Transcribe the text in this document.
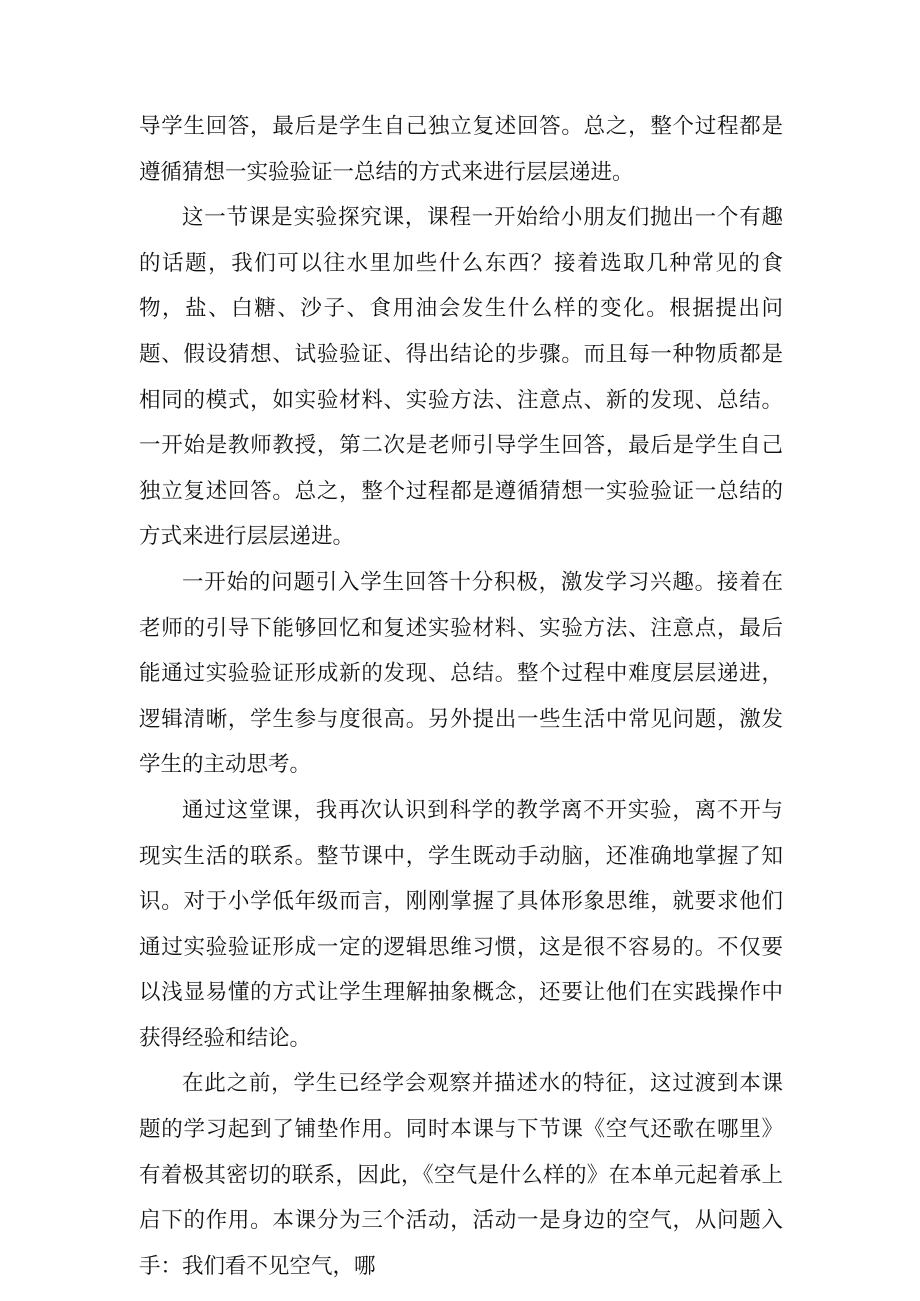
导学生回答，最后是学生自己独立复述回答。总之，整个过程都是遵循猜想一实验验证一总结的方式来进行层层递进。

这一节课是实验探究课，课程一开始给小朋友们抛出一个有趣的话题，我们可以往水里加些什么东西？接着选取几种常见的食物，盐、白糖、沙子、食用油会发生什么样的变化。根据提出问题、假设猜想、试验验证、得出结论的步骤。而且每一种物质都是相同的模式，如实验材料、实验方法、注意点、新的发现、总结。一开始是教师教授，第二次是老师引导学生回答，最后是学生自己独立复述回答。总之，整个过程都是遵循猜想一实验验证一总结的方式来进行层层递进。

一开始的问题引入学生回答十分积极，激发学习兴趣。接着在老师的引导下能够回忆和复述实验材料、实验方法、注意点，最后能通过实验验证形成新的发现、总结。整个过程中难度层层递进，逻辑清晰，学生参与度很高。另外提出一些生活中常见问题，激发学生的主动思考。

通过这堂课，我再次认识到科学的教学离不开实验，离不开与现实生活的联系。整节课中，学生既动手动脑，还准确地掌握了知识。对于小学低年级而言，刚刚掌握了具体形象思维，就要求他们通过实验验证形成一定的逻辑思维习惯，这是很不容易的。不仅要以浅显易懂的方式让学生理解抽象概念，还要让他们在实践操作中获得经验和结论。

在此之前，学生已经学会观察并描述水的特征，这过渡到本课题的学习起到了铺垫作用。同时本课与下节课《空气还歌在哪里》有着极其密切的联系，因此，《空气是什么样的》在本单元起着承上启下的作用。本课分为三个活动，活动一是身边的空气，从问题入手：我们看不见空气，哪
